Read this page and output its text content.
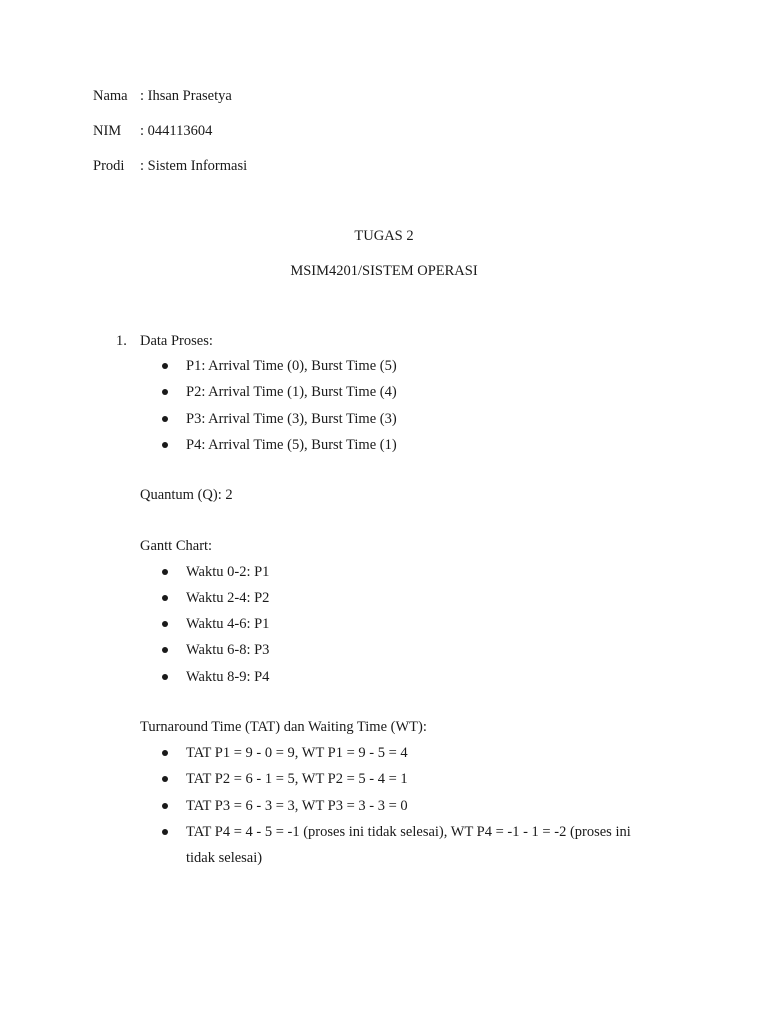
Nama : Ihsan Prasetya
NIM : 044113604
Prodi : Sistem Informasi
TUGAS 2
MSIM4201/SISTEM OPERASI
1. Data Proses:
P1: Arrival Time (0), Burst Time (5)
P2: Arrival Time (1), Burst Time (4)
P3: Arrival Time (3), Burst Time (3)
P4: Arrival Time (5), Burst Time (1)
Quantum (Q): 2
Gantt Chart:
Waktu 0-2: P1
Waktu 2-4: P2
Waktu 4-6: P1
Waktu 6-8: P3
Waktu 8-9: P4
Turnaround Time (TAT) dan Waiting Time (WT):
TAT P1 = 9 - 0 = 9, WT P1 = 9 - 5 = 4
TAT P2 = 6 - 1 = 5, WT P2 = 5 - 4 = 1
TAT P3 = 6 - 3 = 3, WT P3 = 3 - 3 = 0
TAT P4 = 4 - 5 = -1 (proses ini tidak selesai), WT P4 = -1 - 1 = -2 (proses ini
tidak selesai)
